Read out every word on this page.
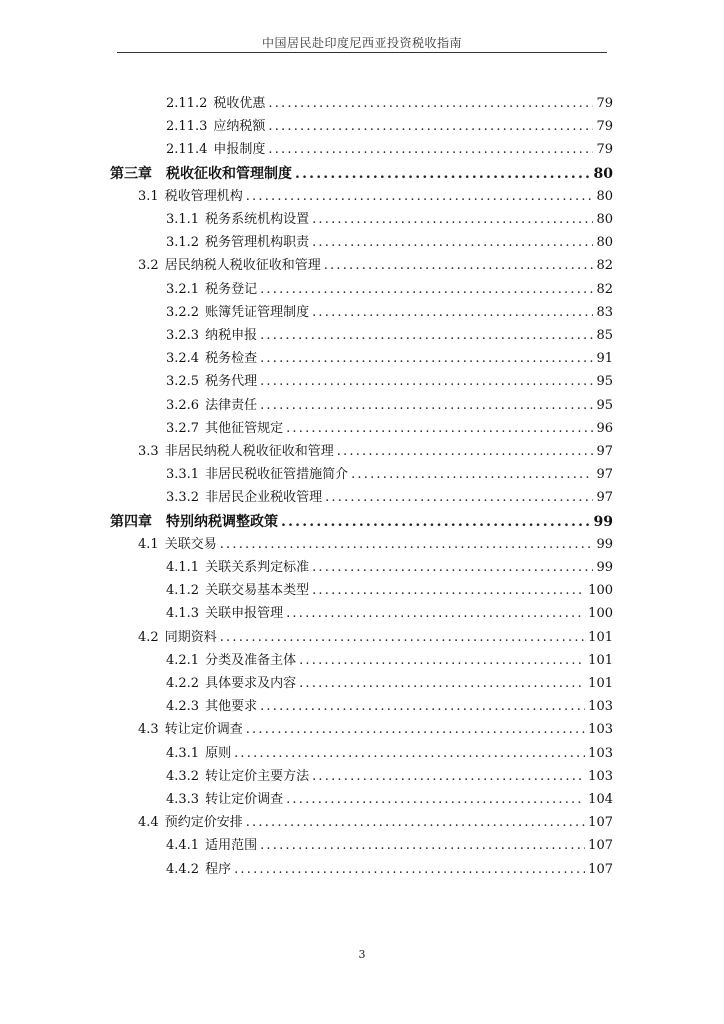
中国居民赴印度尼西亚投资税收指南
2.11.2 税收优惠 .....	79
2.11.3 应纳税额 .....	79
2.11.4 申报制度 .....	79
第三章	税收征收和管理制度 .....	80
3.1 税收管理机构 .....	80
3.1.1 税务系统机构设置 .....	80
3.1.2 税务管理机构职责 .....	80
3.2 居民纳税人税收征收和管理 .....	82
3.2.1 税务登记 .....	82
3.2.2 账簿凭证管理制度 .....	83
3.2.3 纳税申报 .....	85
3.2.4 税务检查 .....	91
3.2.5 税务代理 .....	95
3.2.6 法律责任 .....	95
3.2.7 其他征管规定 .....	96
3.3 非居民纳税人税收征收和管理 .....	97
3.3.1 非居民税收征管措施简介 .....	97
3.3.2 非居民企业税收管理 .....	97
第四章	特别纳税调整政策 .....	99
4.1 关联交易 .....	99
4.1.1 关联关系判定标准 .....	99
4.1.2 关联交易基本类型 .....	100
4.1.3 关联申报管理 .....	100
4.2 同期资料 .....	101
4.2.1 分类及准备主体 .....	101
4.2.2 具体要求及内容 .....	101
4.2.3 其他要求 .....	103
4.3 转让定价调查 .....	103
4.3.1 原则 .....	103
4.3.2 转让定价主要方法 .....	103
4.3.3 转让定价调查 .....	104
4.4 预约定价安排 .....	107
4.4.1 适用范围 .....	107
4.4.2 程序 .....	107
3
